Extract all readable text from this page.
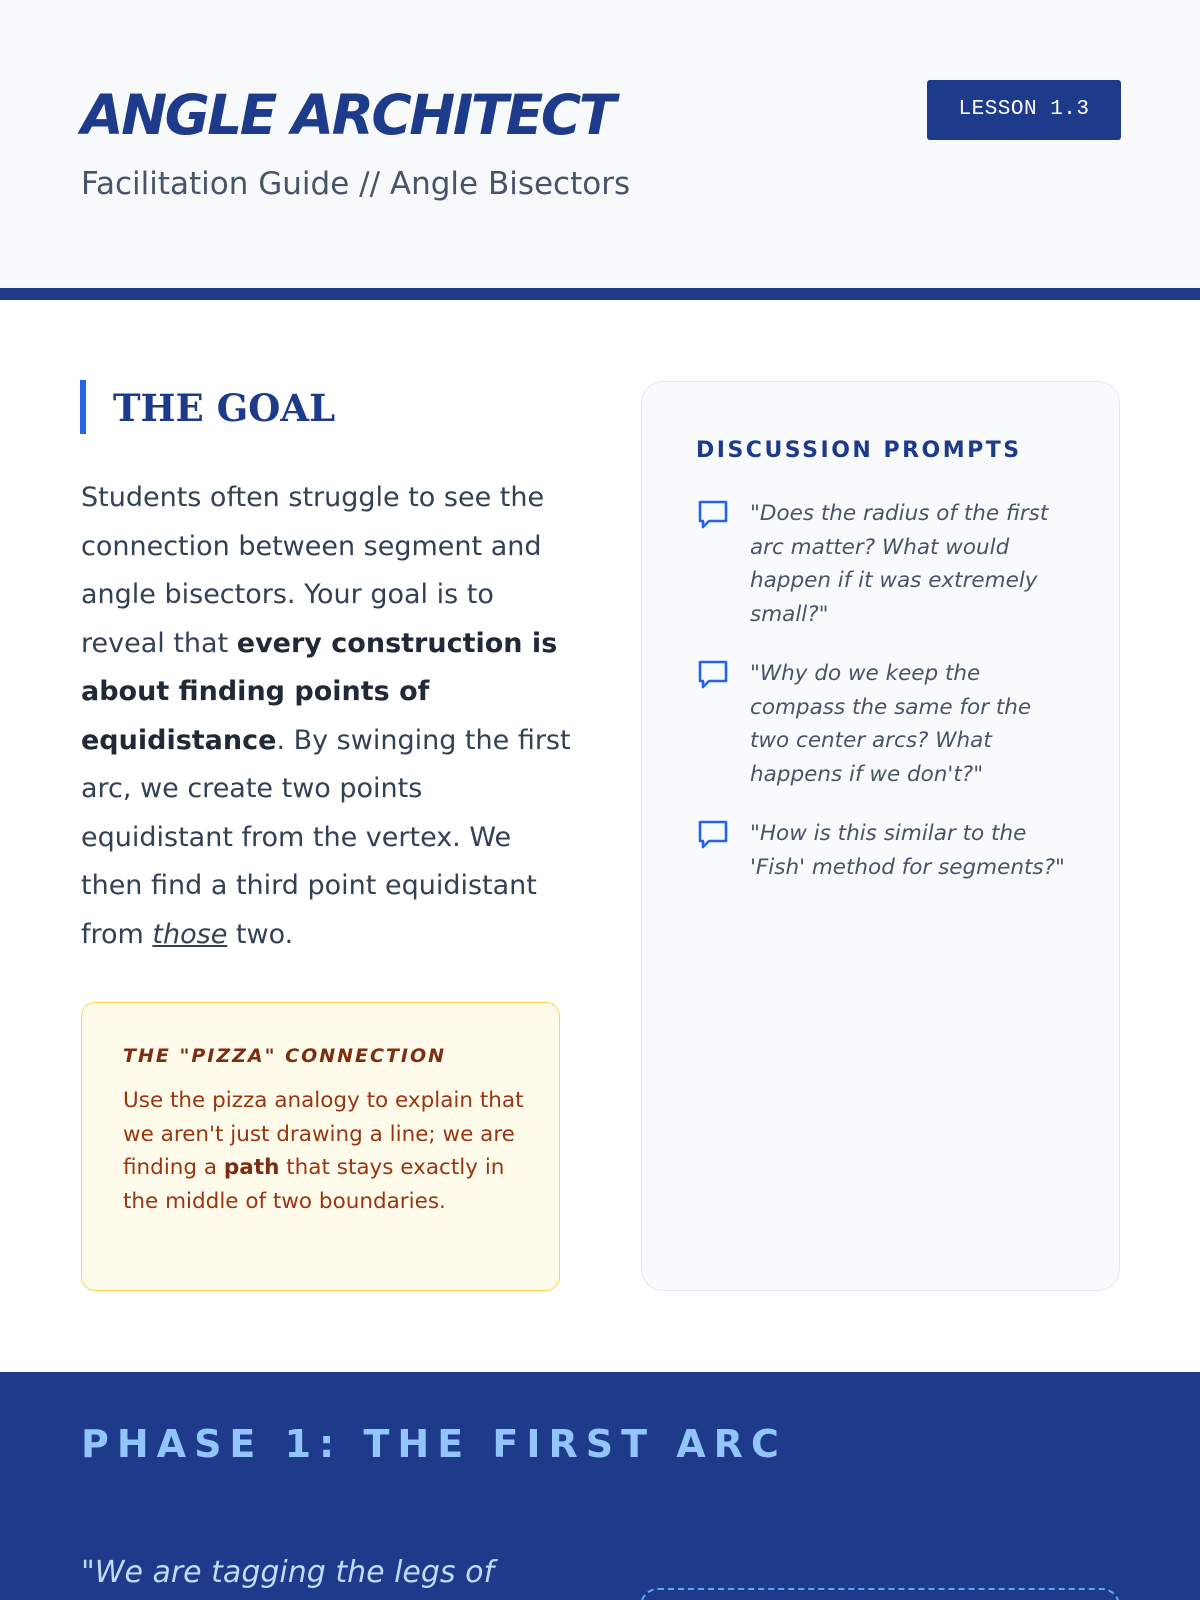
ANGLE ARCHITECT
Facilitation Guide // Angle Bisectors
LESSON 1.3
THE GOAL

Students often struggle to see the connection between segment and angle bisectors. Your goal is to reveal that every construction is about finding points of equidistance. By swinging the first arc, we create two points equidistant from the vertex. We then find a third point equidistant from those two.

THE "PIZZA" CONNECTION

Use the pizza analogy to explain that we aren't just drawing a line; we are finding a path that stays exactly in the middle of two boundaries.

DISCUSSION PROMPTS

"Does the radius of the first arc matter? What would happen if it was extremely small?"

"Why do we keep the compass the same for the two center arcs? What happens if we don't?"

"How is this similar to the 'Fish' method for segments?"

PHASE 1: THE FIRST ARC
"We are tagging the legs of
